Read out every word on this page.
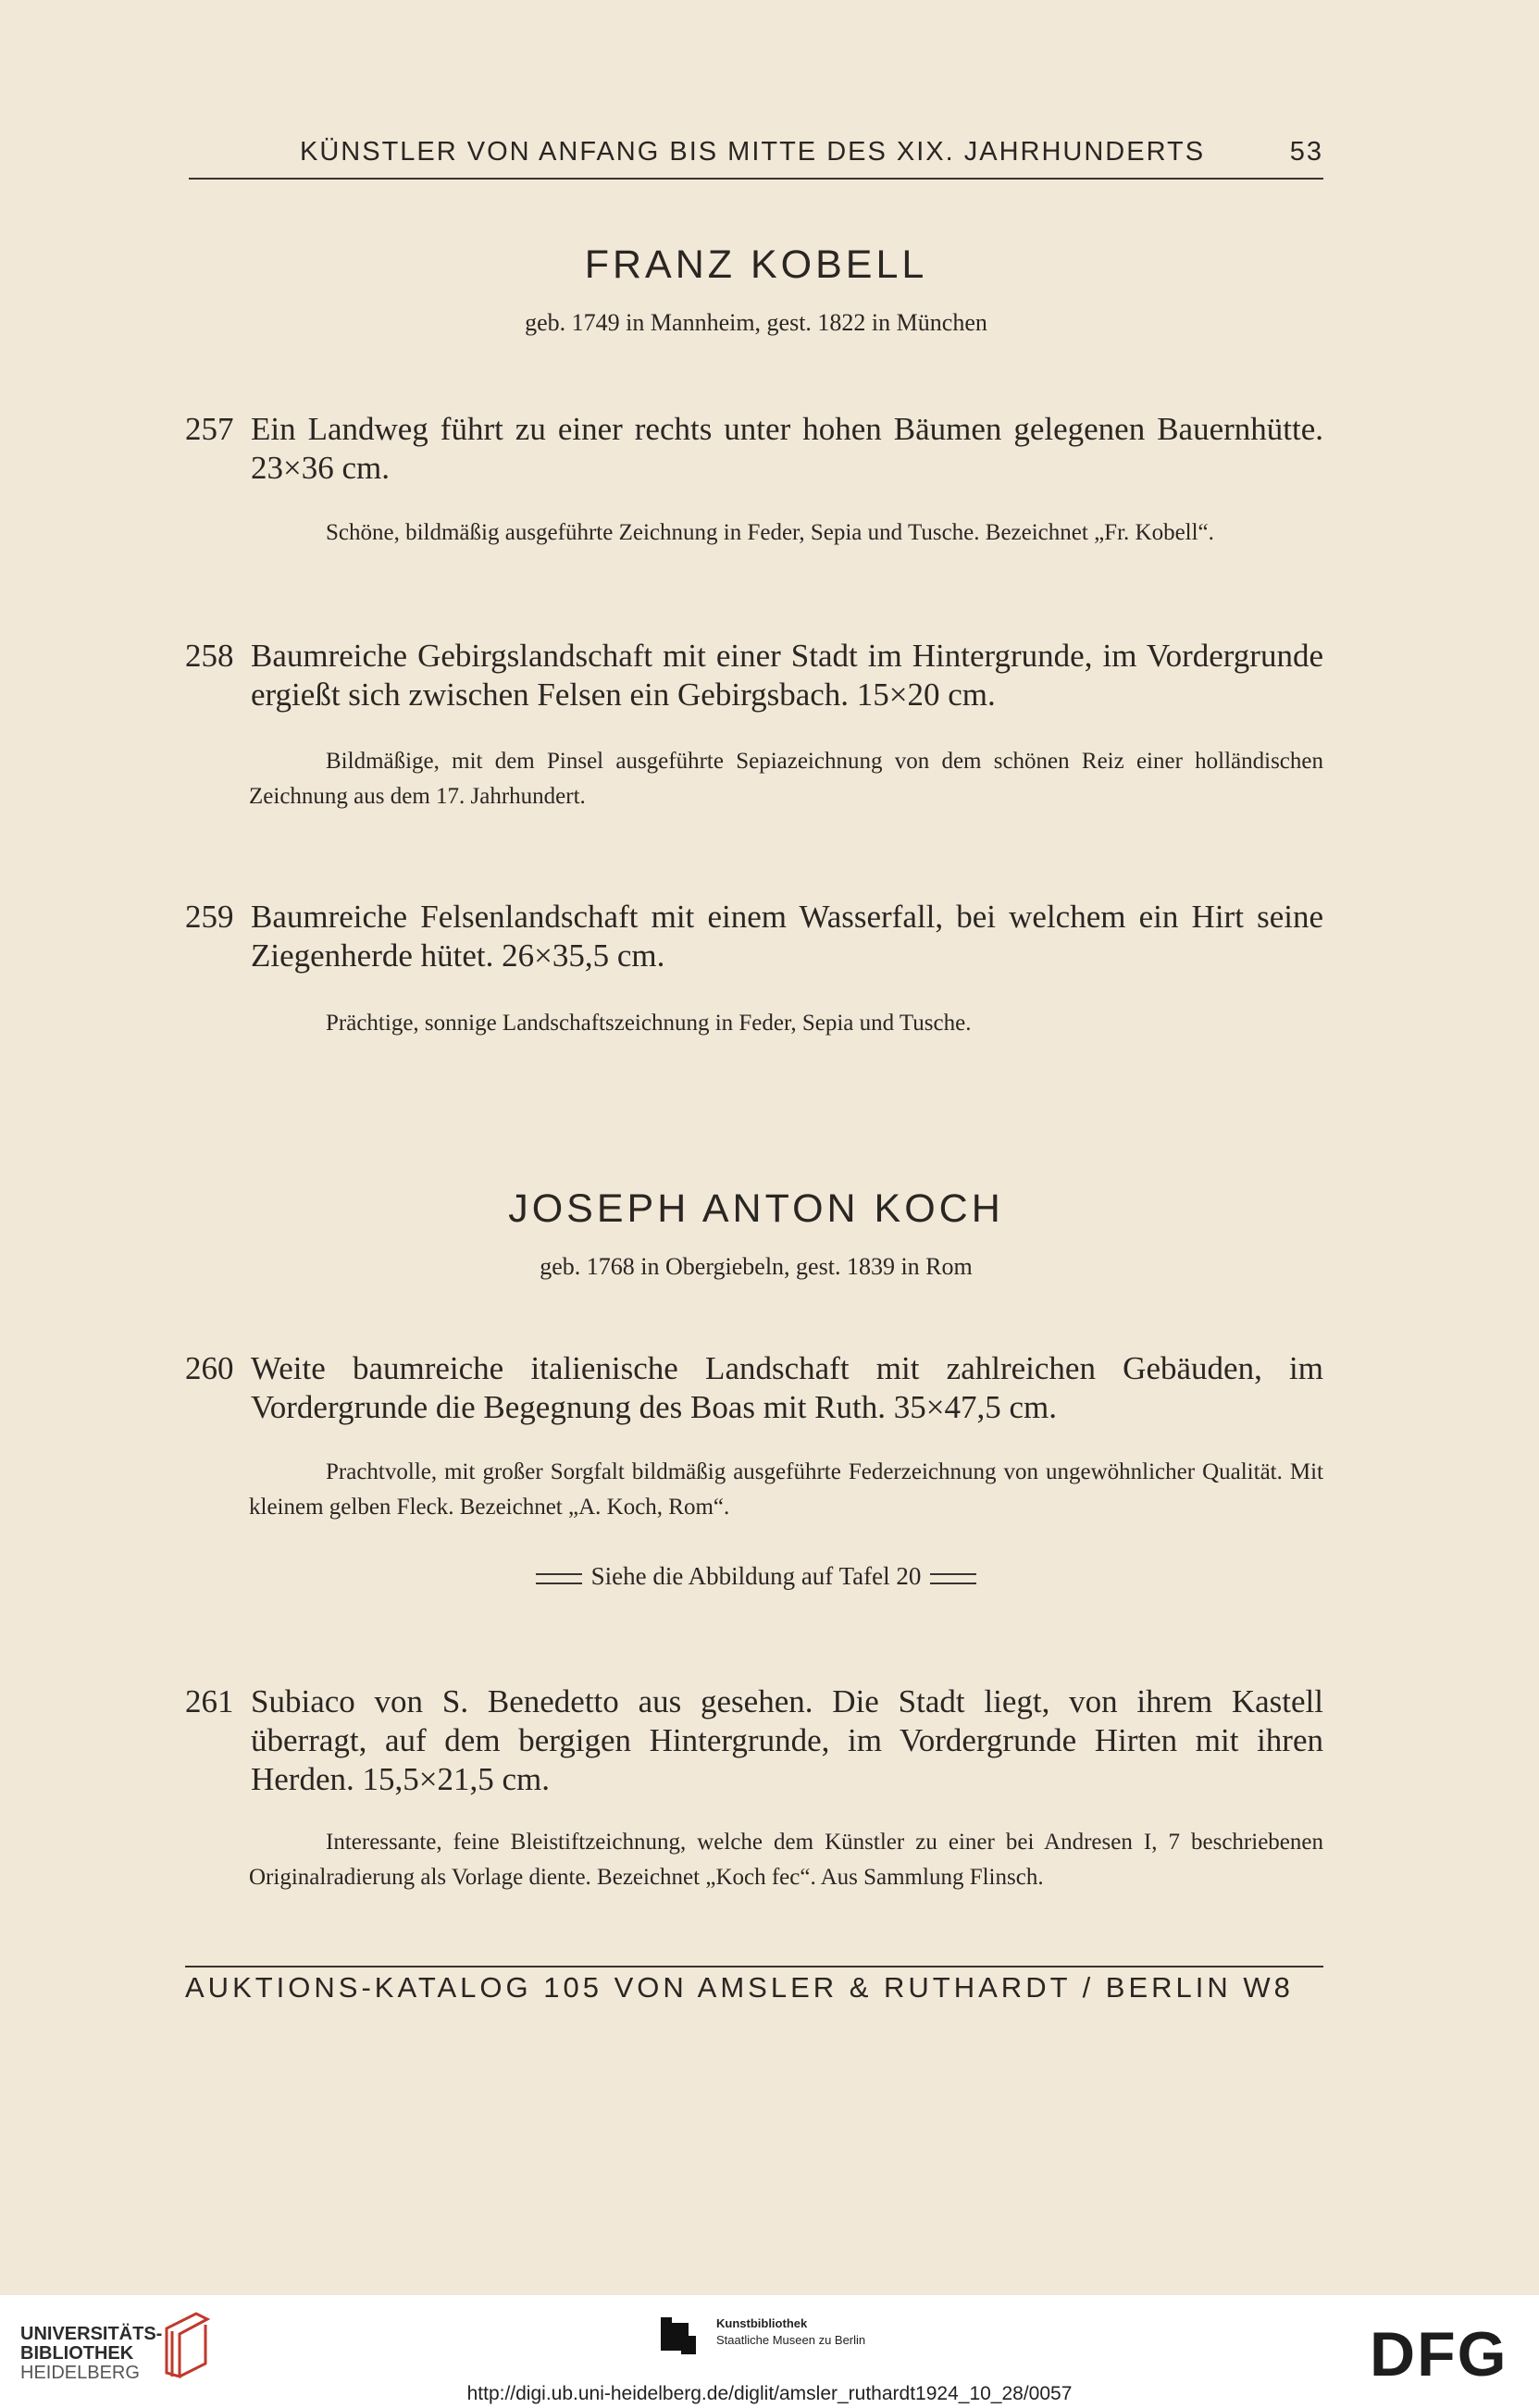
KÜNSTLER VON ANFANG BIS MITTE DES XIX. JAHRHUNDERTS	53
FRANZ KOBELL
geb. 1749 in Mannheim, gest. 1822 in München
257 Ein Landweg führt zu einer rechts unter hohen Bäumen gelegenen Bauernhütte. 23×36 cm.
Schöne, bildmäßig ausgeführte Zeichnung in Feder, Sepia und Tusche. Bezeichnet „Fr. Kobell“.
258 Baumreiche Gebirgslandschaft mit einer Stadt im Hintergrunde, im Vordergrunde ergießt sich zwischen Felsen ein Gebirgsbach. 15×20 cm.
Bildmäßige, mit dem Pinsel ausgeführte Sepiazeichnung von dem schönen Reiz einer holländischen Zeichnung aus dem 17. Jahrhundert.
259 Baumreiche Felsenlandschaft mit einem Wasserfall, bei welchem ein Hirt seine Ziegenherde hütet. 26×35,5 cm.
Prächtige, sonnige Landschaftszeichnung in Feder, Sepia und Tusche.
JOSEPH ANTON KOCH
geb. 1768 in Obergiebeln, gest. 1839 in Rom
260 Weite baumreiche italienische Landschaft mit zahlreichen Gebäuden, im Vordergrunde die Begegnung des Boas mit Ruth. 35×47,5 cm.
Prachtvolle, mit großer Sorgfalt bildmäßig ausgeführte Federzeichnung von ungewöhnlicher Qualität. Mit kleinem gelben Fleck. Bezeichnet „A. Koch, Rom“.
Siehe die Abbildung auf Tafel 20
261 Subiaco von S. Benedetto aus gesehen. Die Stadt liegt, von ihrem Kastell überragt, auf dem bergigen Hintergrunde, im Vordergrunde Hirten mit ihren Herden. 15,5×21,5 cm.
Interessante, feine Bleistiftzeichnung, welche dem Künstler zu einer bei Andresen I, 7 beschriebenen Originalradierung als Vorlage diente. Bezeichnet „Koch fec“. Aus Sammlung Flinsch.
AUKTIONS-KATALOG 105 VON AMSLER & RUTHARDT / BERLIN W8
UNIVERSITÄTS-
BIBLIOTHEK
HEIDELBERG
Kunstbibliothek
Staatliche Museen zu Berlin	DFG
http://digi.ub.uni-heidelberg.de/diglit/amsler_ruthardt1924_10_28/0057
